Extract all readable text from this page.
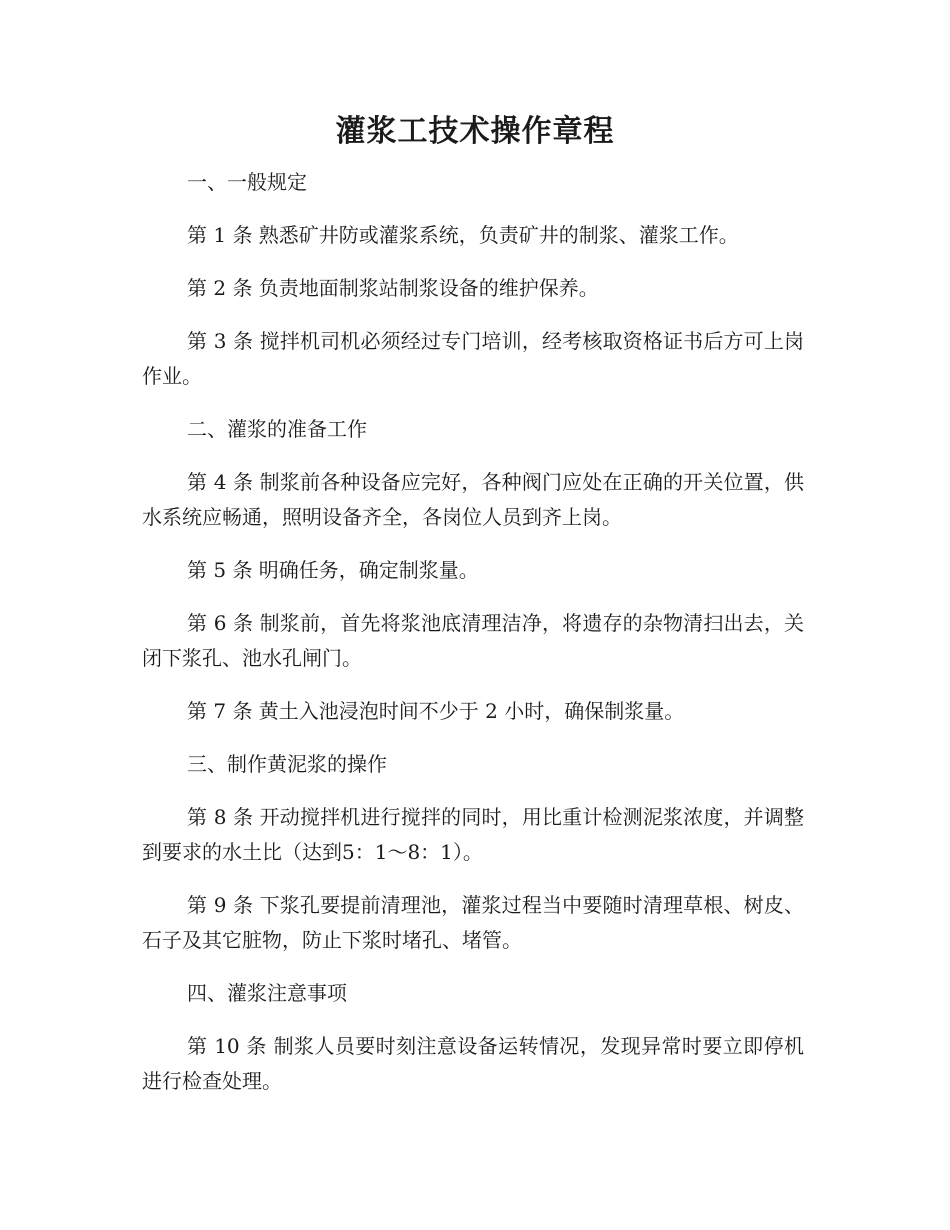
灌浆工技术操作章程

一、一般规定

第 1 条 熟悉矿井防或灌浆系统，负责矿井的制浆、灌浆工作。

第 2 条 负责地面制浆站制浆设备的维护保养。

第 3 条 搅拌机司机必须经过专门培训，经考核取资格证书后方可上岗作业。

二、灌浆的准备工作

第 4 条 制浆前各种设备应完好，各种阀门应处在正确的开关位置，供水系统应畅通，照明设备齐全，各岗位人员到齐上岗。

第 5 条 明确任务，确定制浆量。

第 6 条 制浆前，首先将浆池底清理洁净，将遗存的杂物清扫出去，关闭下浆孔、池水孔闸门。

第 7 条 黄土入池浸泡时间不少于 2 小时，确保制浆量。

三、制作黄泥浆的操作

第 8 条 开动搅拌机进行搅拌的同时，用比重计检测泥浆浓度，并调整到要求的水土比（达到5：1～8：1）。

第 9 条 下浆孔要提前清理池，灌浆过程当中要随时清理草根、树皮、石子及其它脏物，防止下浆时堵孔、堵管。

四、灌浆注意事项

第 10 条 制浆人员要时刻注意设备运转情况，发现异常时要立即停机进行检查处理。
